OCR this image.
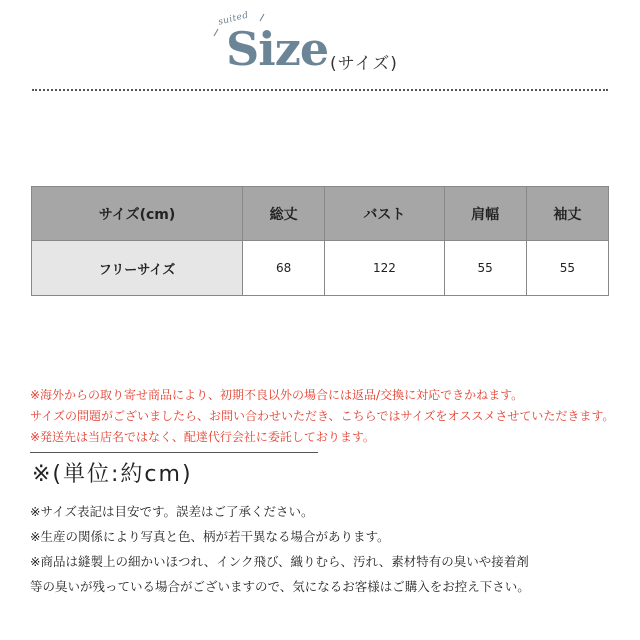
suited
Size (サイズ)
サイズ(cm)	総丈	バスト	肩幅	袖丈
フリーサイズ	68	122	55	55
※海外からの取り寄せ商品により、初期不良以外の場合には返品/交換に対応できかねます。
サイズの問題がございましたら、お問い合わせいただき、こちらではサイズをオススメさせていただきます。
※発送先は当店名ではなく、配達代行会社に委託しております。
※(単位:約cm)
※サイズ表記は目安です。誤差はご了承ください。
※生産の関係により写真と色、柄が若干異なる場合があります。
※商品は縫製上の細かいほつれ、インク飛び、織りむら、汚れ、素材特有の臭いや接着剤
等の臭いが残っている場合がございますので、気になるお客様はご購入をお控え下さい。
